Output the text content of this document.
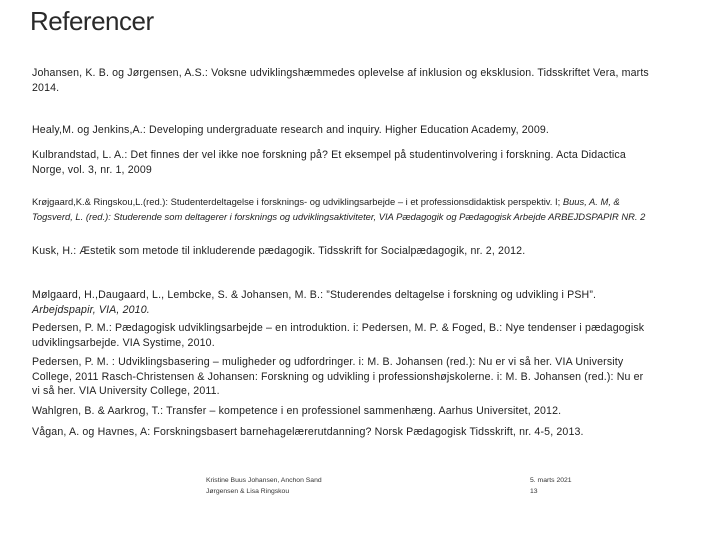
Referencer

Johansen, K. B. og Jørgensen, A.S.: Voksne udviklingshæmmedes oplevelse af inklusion og eksklusion. Tidsskriftet Vera, marts 2014.

Healy,M. og Jenkins,A.: Developing undergraduate research and inquiry. Higher Education Academy, 2009.

Kulbrandstad, L. A.: Det finnes der vel ikke noe forskning på? Et eksempel på studentinvolvering i forskning. Acta Didactica Norge, vol. 3, nr. 1, 2009

Krøjgaard,K.& Ringskou,L.(red.): Studenterdeltagelse i forsknings- og udviklingsarbejde – i et professionsdidaktisk perspektiv. I; Buus, A. M, & Togsverd, L. (red.): Studerende som deltagerer i forsknings og udviklingsaktiviteter, VIA Pædagogik og Pædagogisk Arbejde ARBEJDSPAPIR NR. 2

Kusk, H.: Æstetik som metode til inkluderende pædagogik. Tidsskrift for Socialpædagogik, nr. 2, 2012.

Mølgaard, H.,Daugaard, L., Lembcke, S. & Johansen, M. B.: ”Studerendes deltagelse i forskning og udvikling i PSH”. Arbejdspapir, VIA, 2010.

Pedersen, P. M.: Pædagogisk udviklingsarbejde – en introduktion. i: Pedersen, M. P. & Foged, B.: Nye tendenser i pædagogisk udviklingsarbejde. VIA Systime, 2010.

Pedersen, P. M. : Udviklingsbasering – muligheder og udfordringer. i: M. B. Johansen (red.): Nu er vi så her. VIA University College, 2011 Rasch-Christensen & Johansen: Forskning og udvikling i professionshøjskolerne. i: M. B. Johansen (red.): Nu er vi så her. VIA University College, 2011.

Wahlgren, B. & Aarkrog, T.: Transfer – kompetence i en professionel sammenhæng. Aarhus Universitet, 2012.

Vågan, A. og Havnes, A: Forskningsbasert barnehagelærerutdanning? Norsk Pædagogisk Tidsskrift, nr. 4-5, 2013.

Kristine Buus Johansen, Anchon Sand
Jørgensen & Lisa Ringskou
5. marts 2021
13
